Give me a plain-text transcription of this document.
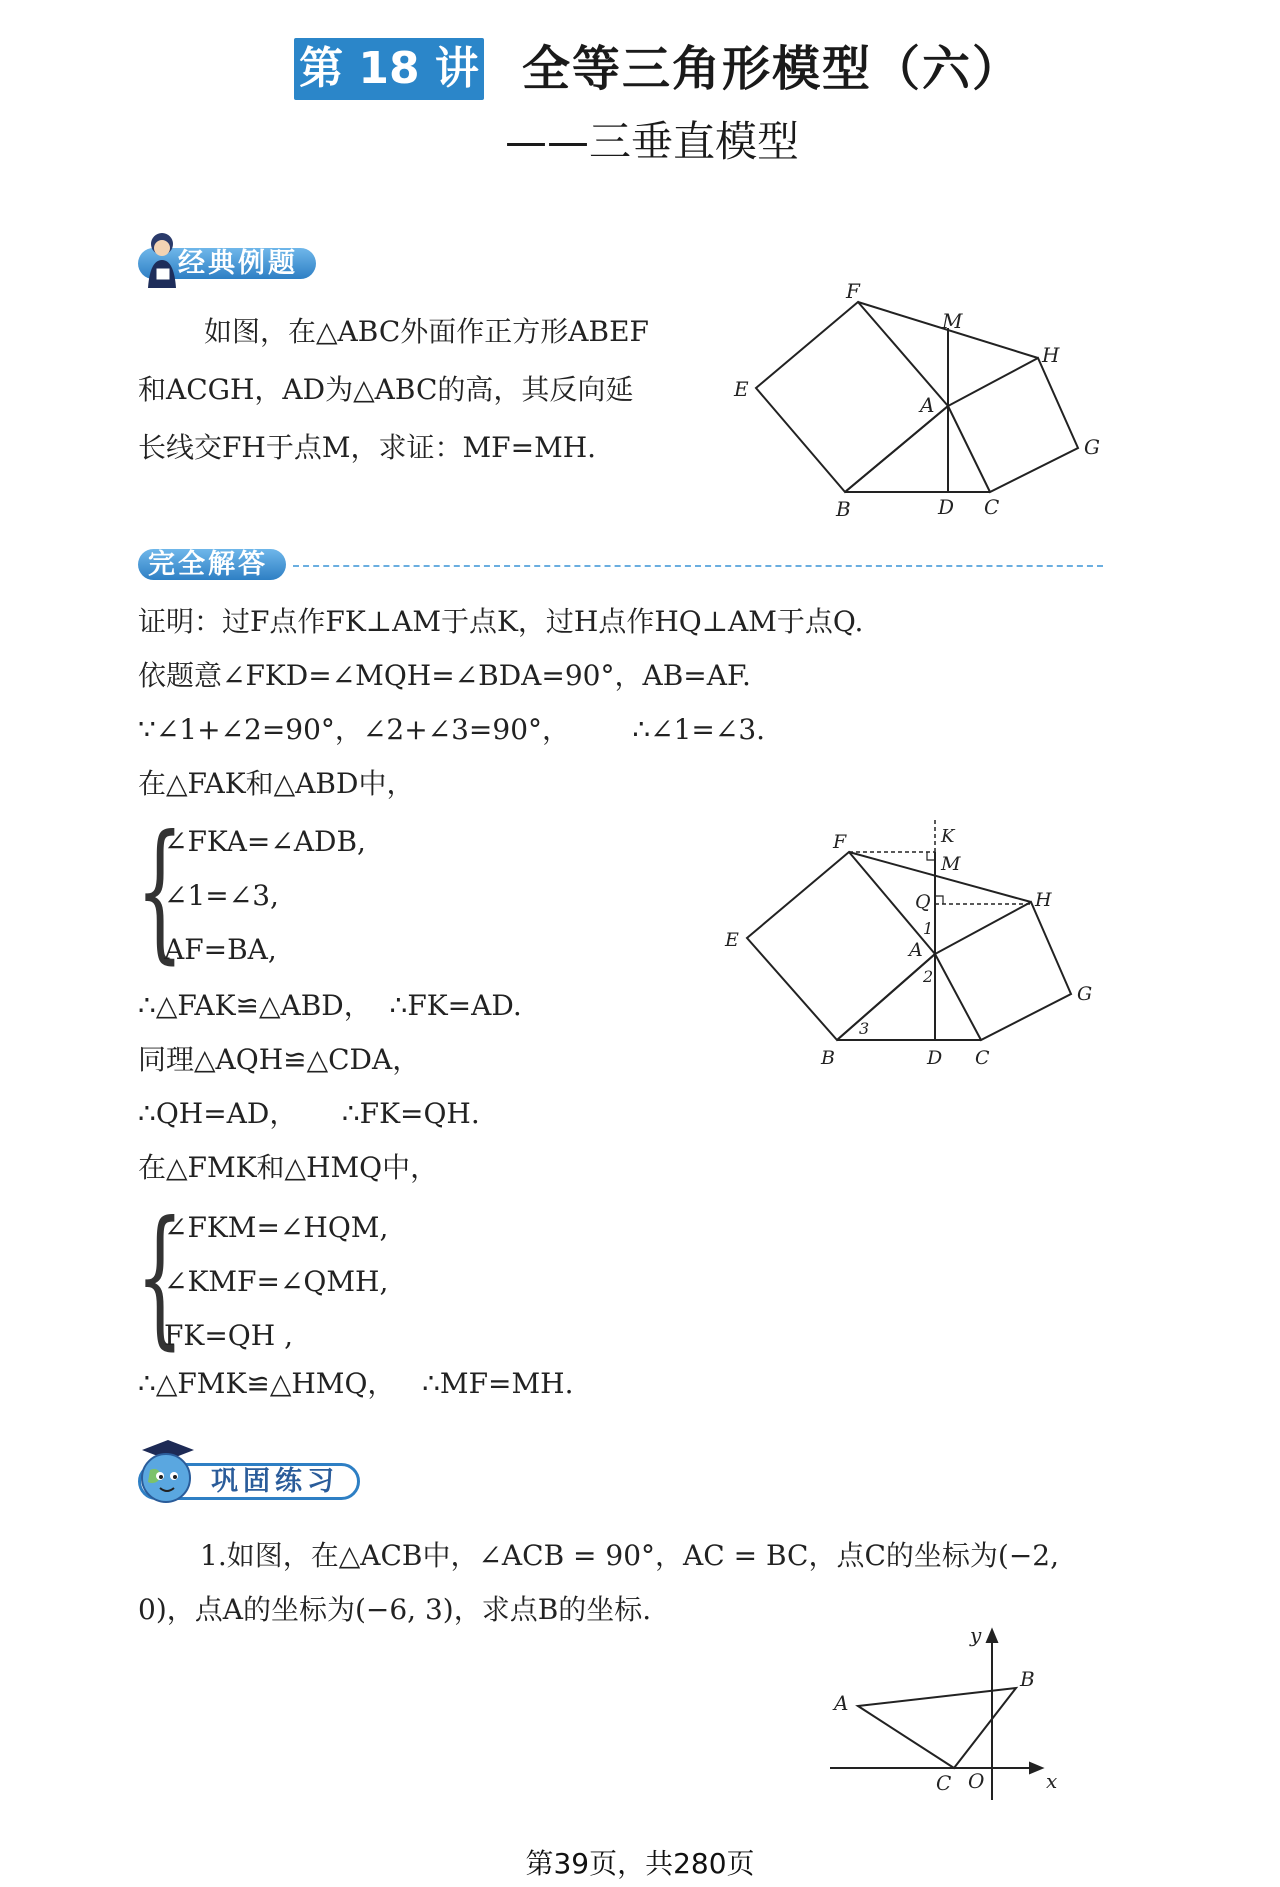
第 18 讲 全等三角形模型（六）
——三垂直模型
经典例题
如图，在△ABC外面作正方形ABEF
和ACGH，AD为△ABC的高，其反向延
长线交FH于点M，求证：MF=MH.
F
M
H
E
A
G
B	D C
完全解答
证明：过F点作FK⊥AM于点K，过H点作HQ⊥AM于点Q.
依题意∠FKD=∠MQH=∠BDA=90°，AB=AF.
∵∠1+∠2=90°，∠2+∠3=90°，       ∴∠1=∠3.
在△FAK和△ABD中，
{
∠FKA=∠ADB,
∠1=∠3,
AF=BA,
∴△FAK≌△ABD，  ∴FK=AD.
同理△AQH≌△CDA，
∴QH=AD，     ∴FK=QH.
在△FMK和△HMQ中，
{
∠FKM=∠HQM,
∠KMF=∠QMH,
FK=QH ,
∴△FMK≌△HMQ，   ∴MF=MH.
F	K
M
Q	H
E
1
A
2
G
3
B	D C
巩固练习
1.如图，在△ACB中，∠ACB = 90°，AC = BC，点C的坐标为(−2,
0)，点A的坐标为(−6, 3)，求点B的坐标.
y
B
A
C O	x
第39页，共280页
